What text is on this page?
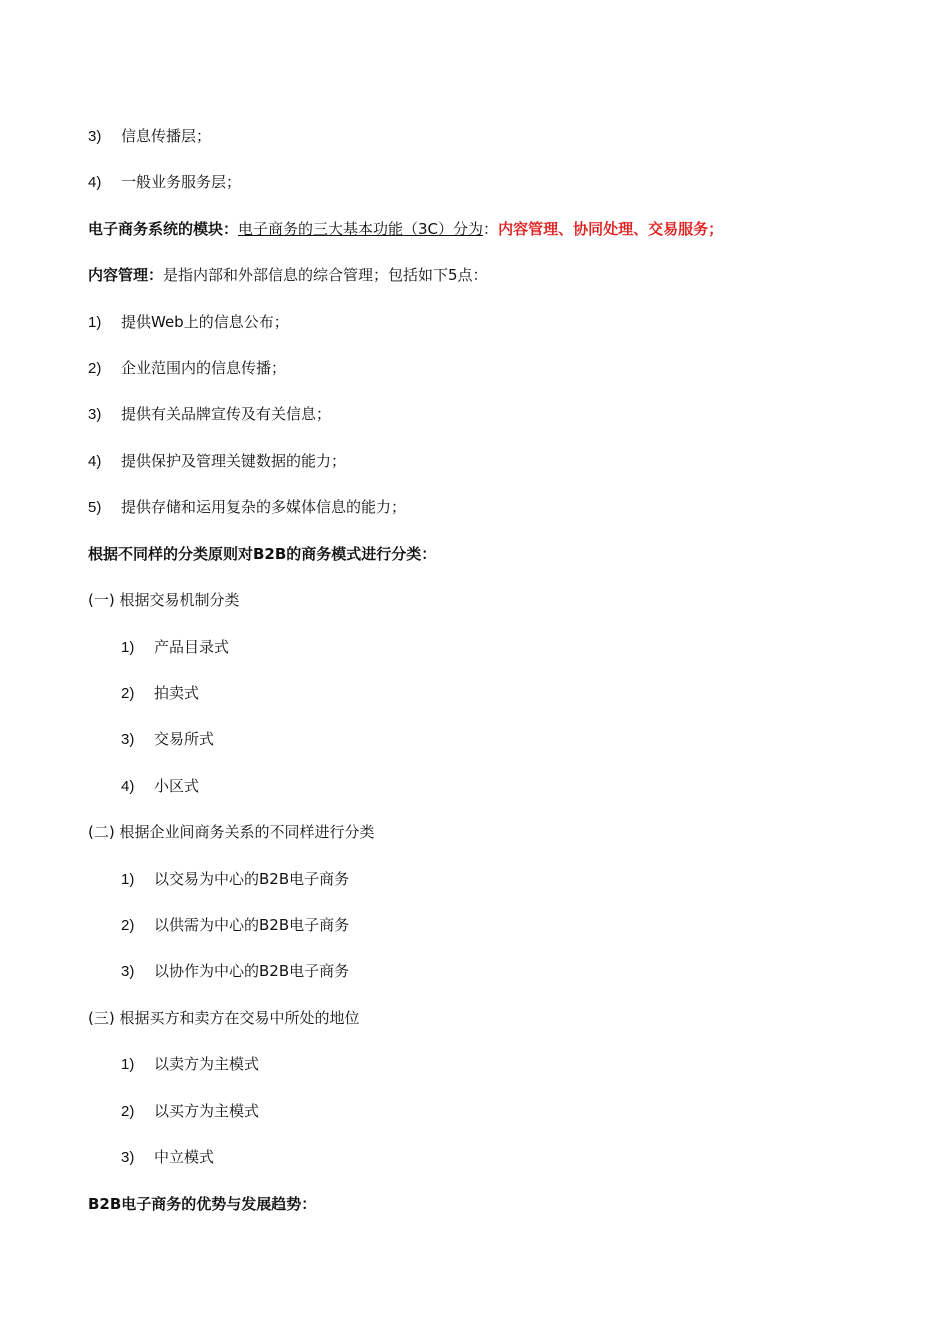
3) 信息传播层；
4) 一般业务服务层；
电子商务系统的模块：电子商务的三大基本功能（3C）分为：内容管理、协同处理、交易服务；
内容管理：是指内部和外部信息的综合管理；包括如下5点：
1) 提供Web上的信息公布；
2) 企业范围内的信息传播；
3) 提供有关品牌宣传及有关信息；
4) 提供保护及管理关键数据的能力；
5) 提供存储和运用复杂的多媒体信息的能力；
根据不同样的分类原则对B2B的商务模式进行分类：
(一) 根据交易机制分类
1) 产品目录式
2) 拍卖式
3) 交易所式
4) 小区式
(二) 根据企业间商务关系的不同样进行分类
1) 以交易为中心的B2B电子商务
2) 以供需为中心的B2B电子商务
3) 以协作为中心的B2B电子商务
(三) 根据买方和卖方在交易中所处的地位
1) 以卖方为主模式
2) 以买方为主模式
3) 中立模式
B2B电子商务的优势与发展趋势：
